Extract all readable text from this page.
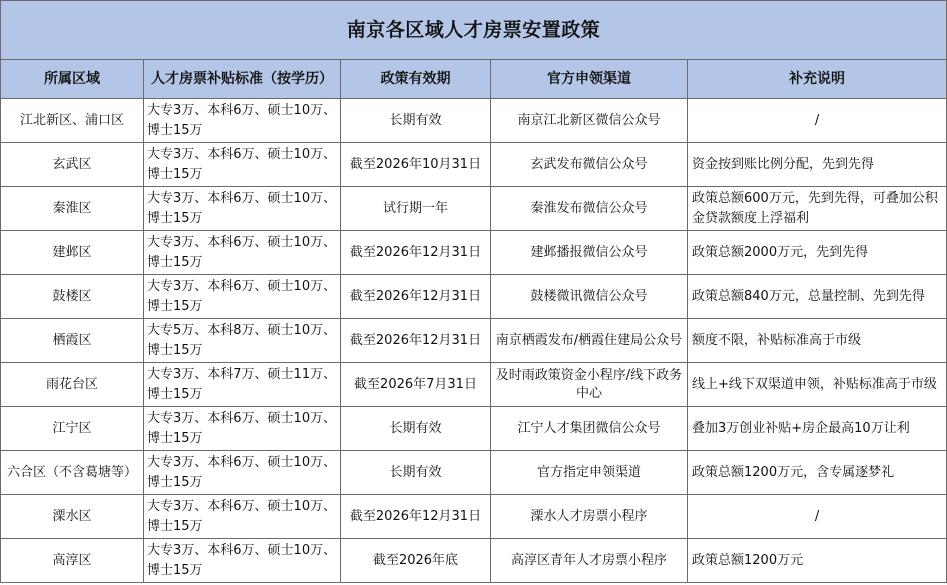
南京各区域人才房票安置政策				
所属区域	人才房票补贴标准（按学历）	政策有效期	官方申领渠道	补充说明
江北新区、浦口区	大专3万、本科6万、硕士10万、博士15万	长期有效	南京江北新区微信公众号	/
玄武区	大专3万、本科6万、硕士10万、博士15万	截至2026年10月31日	玄武发布微信公众号	资金按到账比例分配，先到先得
秦淮区	大专3万、本科6万、硕士10万、博士15万	试行期一年	秦淮发布微信公众号	政策总额600万元，先到先得，可叠加公积金贷款额度上浮福利
建邺区	大专3万、本科6万、硕士10万、博士15万	截至2026年12月31日	建邺播报微信公众号	政策总额2000万元，先到先得
鼓楼区	大专3万、本科6万、硕士10万、博士15万	截至2026年12月31日	鼓楼微讯微信公众号	政策总额840万元，总量控制、先到先得
栖霞区	大专5万、本科8万、硕士10万、博士15万	截至2026年12月31日	南京栖霞发布/栖霞住建局公众号	额度不限，补贴标准高于市级
雨花台区	大专3万、本科7万、硕士11万、博士15万	截至2026年7月31日	及时雨政策资金小程序/线下政务中心	线上+线下双渠道申领，补贴标准高于市级
江宁区	大专3万、本科6万、硕士10万、博士15万	长期有效	江宁人才集团微信公众号	叠加3万创业补贴+房企最高10万让利
六合区（不含葛塘等）	大专3万、本科6万、硕士10万、博士15万	长期有效	官方指定申领渠道	政策总额1200万元，含专属逐梦礼
溧水区	大专3万、本科6万、硕士10万、博士15万	截至2026年12月31日	溧水人才房票小程序	/
高淳区	大专3万、本科6万、硕士10万、博士15万	截至2026年底	高淳区青年人才房票小程序	政策总额1200万元
